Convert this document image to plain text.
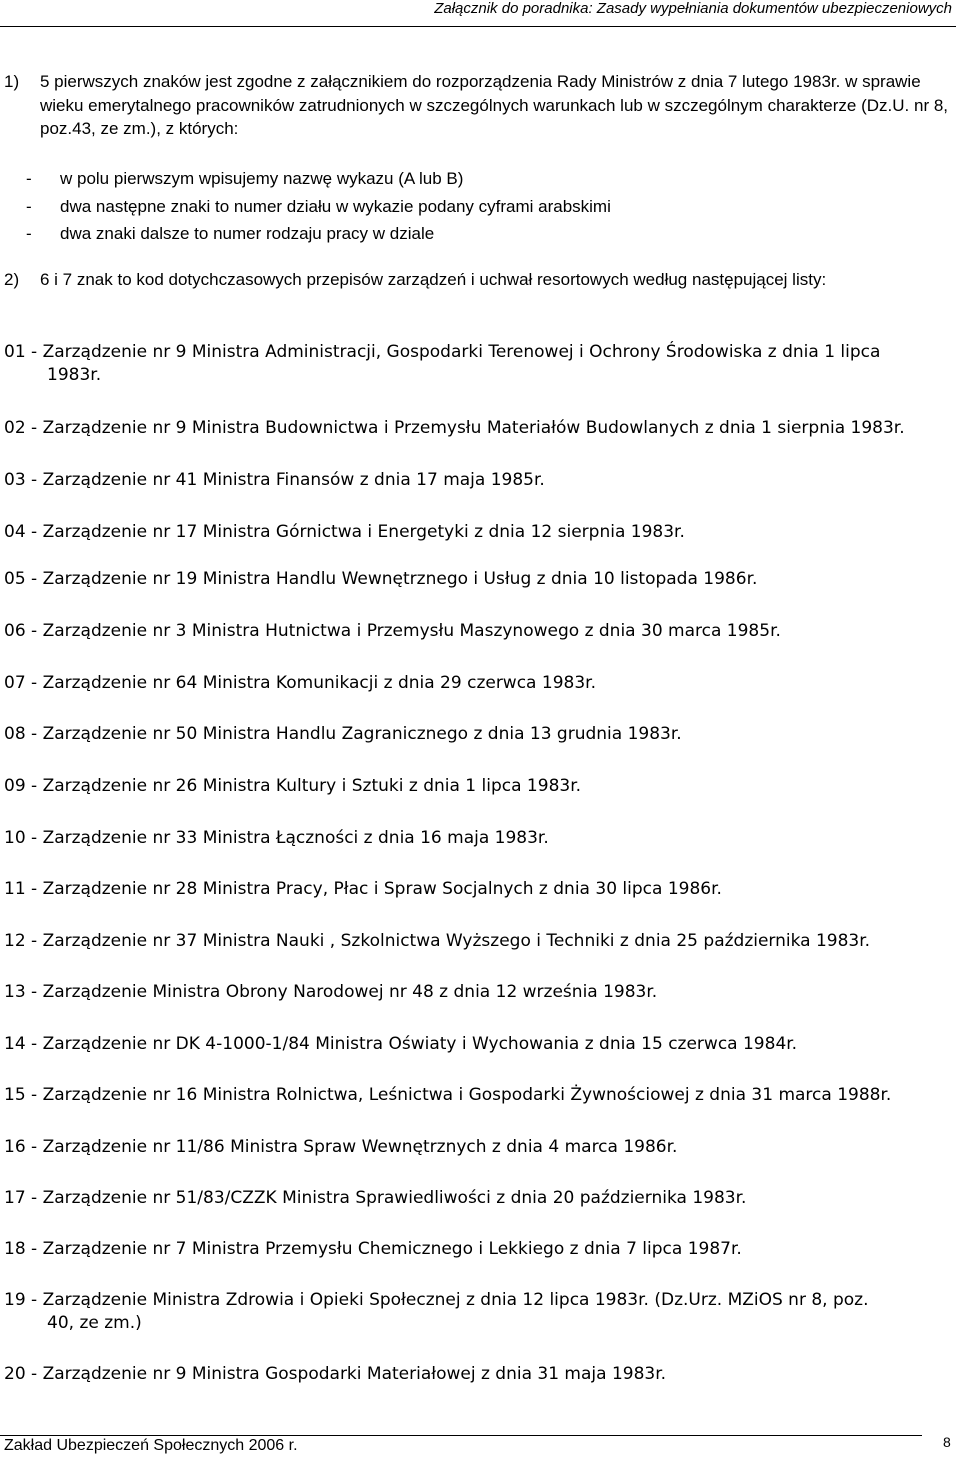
Załącznik do poradnika: Zasady wypełniania dokumentów ubezpieczeniowych
1) 5 pierwszych znaków jest zgodne z załącznikiem do rozporządzenia Rady Ministrów z dnia 7 lutego 1983r. w sprawie wieku emerytalnego pracowników zatrudnionych w szczególnych warunkach lub w szczególnym charakterze (Dz.U. nr 8, poz.43, ze zm.), z których:
- w polu pierwszym wpisujemy nazwę wykazu (A lub B)
- dwa następne znaki to numer działu w wykazie podany cyframi arabskimi
- dwa znaki dalsze to numer rodzaju pracy w dziale
2) 6 i 7 znak to kod dotychczasowych przepisów zarządzeń i uchwał resortowych według następującej listy:
01 - Zarządzenie nr 9 Ministra Administracji, Gospodarki Terenowej i Ochrony Środowiska z dnia 1 lipca
1983r.
02 - Zarządzenie nr 9 Ministra Budownictwa i Przemysłu Materiałów Budowlanych z dnia 1 sierpnia 1983r.
03 - Zarządzenie nr 41 Ministra Finansów z dnia 17 maja 1985r.
04 - Zarządzenie nr 17 Ministra Górnictwa i Energetyki z dnia 12 sierpnia 1983r.
05 - Zarządzenie nr 19 Ministra Handlu Wewnętrznego i Usług z dnia 10 listopada 1986r.
06 - Zarządzenie nr 3 Ministra Hutnictwa i Przemysłu Maszynowego z dnia 30 marca 1985r.
07 - Zarządzenie nr 64 Ministra Komunikacji z dnia 29 czerwca 1983r.
08 - Zarządzenie nr 50 Ministra Handlu Zagranicznego z dnia 13 grudnia 1983r.
09 - Zarządzenie nr 26 Ministra Kultury i Sztuki z dnia 1 lipca 1983r.
10 - Zarządzenie nr 33 Ministra Łączności z dnia 16 maja 1983r.
11 - Zarządzenie nr 28 Ministra Pracy, Płac i Spraw Socjalnych z dnia 30 lipca 1986r.
12 - Zarządzenie nr 37 Ministra Nauki , Szkolnictwa Wyższego i Techniki z dnia 25 października 1983r.
13 - Zarządzenie Ministra Obrony Narodowej nr 48 z dnia 12 września 1983r.
14 - Zarządzenie nr DK 4-1000-1/84 Ministra Oświaty i Wychowania z dnia 15 czerwca 1984r.
15 - Zarządzenie nr 16 Ministra Rolnictwa, Leśnictwa i Gospodarki Żywnościowej z dnia 31 marca 1988r.
16 - Zarządzenie nr 11/86 Ministra Spraw Wewnętrznych z dnia 4 marca 1986r.
17 - Zarządzenie nr 51/83/CZZK Ministra Sprawiedliwości z dnia 20 października 1983r.
18 - Zarządzenie nr 7 Ministra Przemysłu Chemicznego i Lekkiego z dnia 7 lipca 1987r.
19 - Zarządzenie Ministra Zdrowia i Opieki Społecznej z dnia 12 lipca 1983r. (Dz.Urz. MZiOS nr 8, poz.
40, ze zm.)
20 - Zarządzenie nr 9 Ministra Gospodarki Materiałowej z dnia 31 maja 1983r.
Zakład Ubezpieczeń Społecznych 2006 r.	8
